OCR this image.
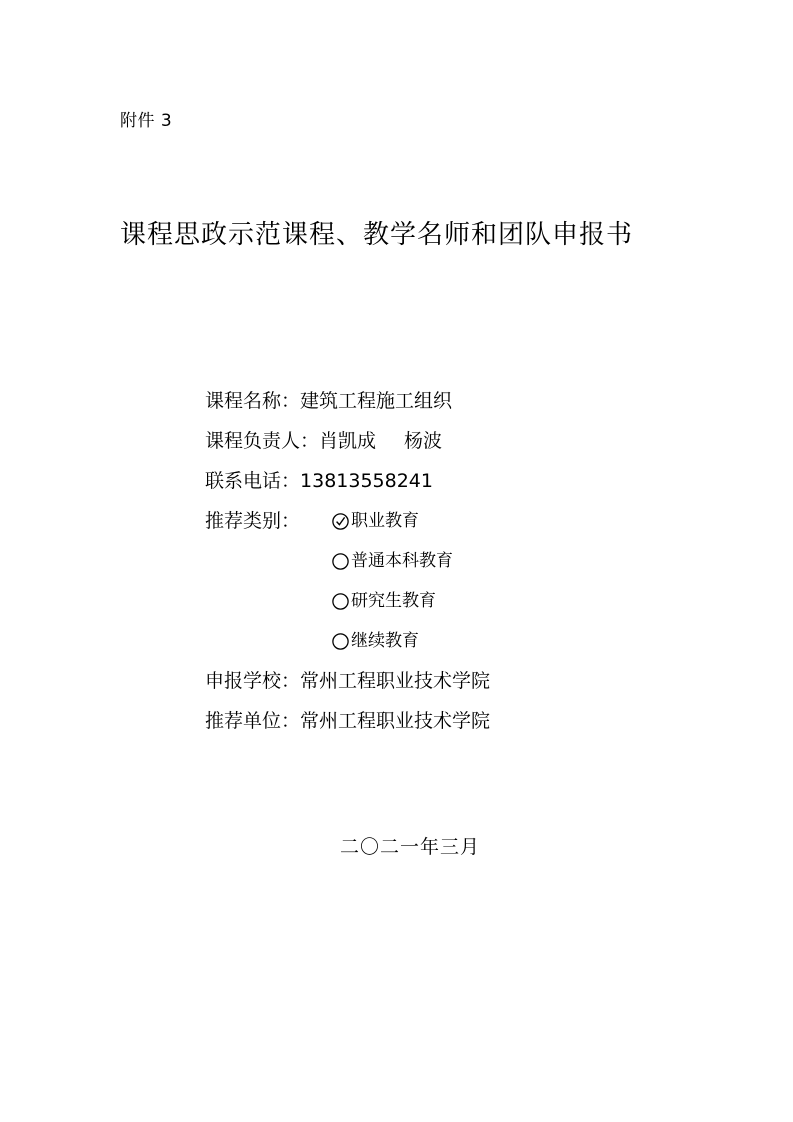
附件 3
课程思政示范课程、教学名师和团队申报书
课程名称： 建筑工程施工组织
课程负责人： 肖凯成 杨波
联系电话： 13813558241
推荐类别：	职业教育
普通本科教育
研究生教育
继续教育
申报学校： 常州工程职业技术学院
推荐单位： 常州工程职业技术学院
二〇二一年三月
